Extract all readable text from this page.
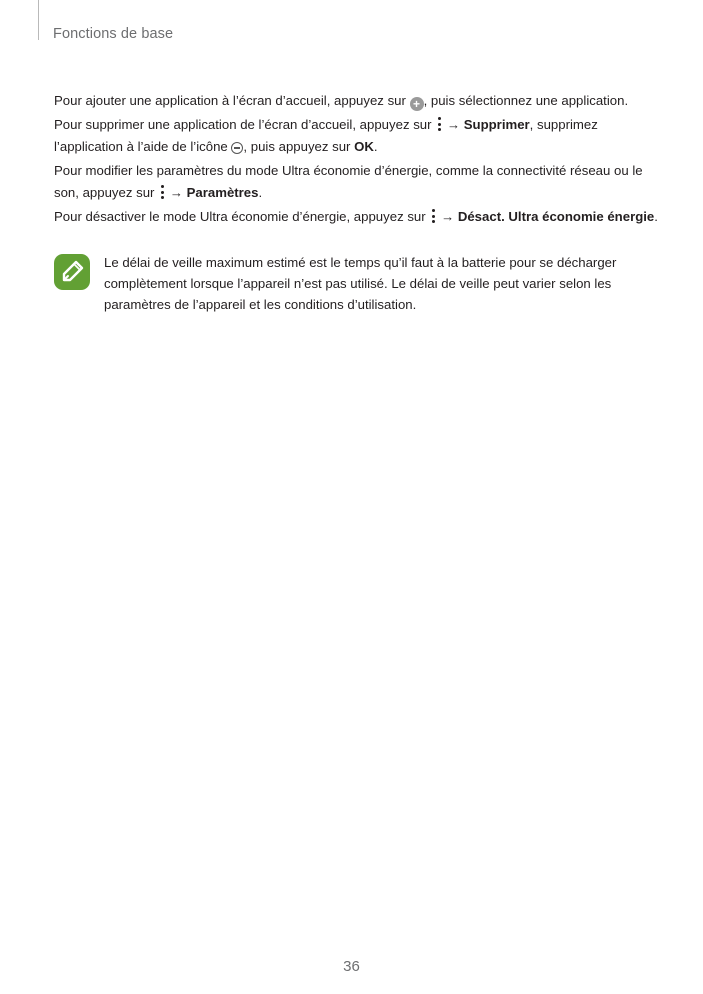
Fonctions de base

Pour ajouter une application à l’écran d’accueil, appuyez sur + , puis sélectionnez une application.

Pour supprimer une application de l’écran d’accueil, appuyez sur
→ Supprimer, supprimez l’application à l’aide de l’icône , puis appuyez sur OK.

Pour modifier les paramètres du mode Ultra économie d’énergie, comme la connectivité réseau ou le son, appuyez sur
→ Paramètres.

Pour désactiver le mode Ultra économie d’énergie, appuyez sur
→ Désact. Ultra économie énergie.

Le délai de veille maximum estimé est le temps qu’il faut à la batterie pour se décharger complètement lorsque l’appareil n’est pas utilisé. Le délai de veille peut varier selon les paramètres de l’appareil et les conditions d’utilisation.
36
